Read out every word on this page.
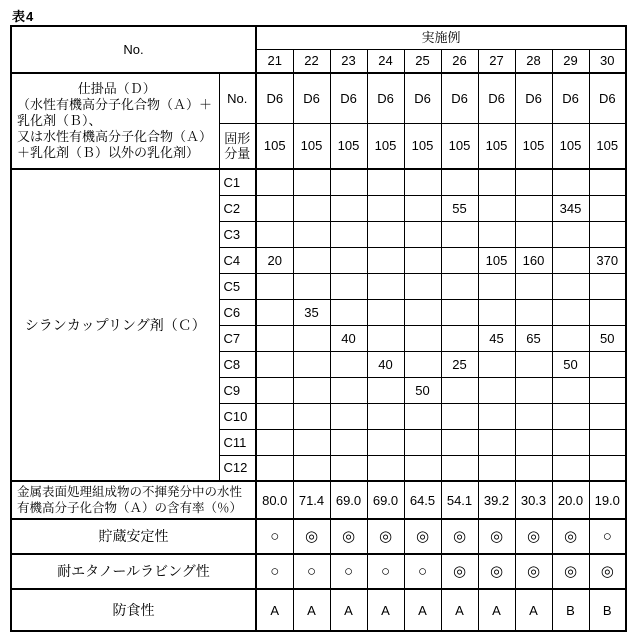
表4
No.		実施例									
		21	22	23	24	25	26	27	28	29	30

仕掛品（Ｄ）
（水性有機高分子化合物（Ａ）＋
乳化剤（Ｂ）、
又は水性有機高分子化合物（Ａ）
＋乳化剤（Ｂ）以外の乳化剤）	No.	D6	D6	D6	D6	D6	D6	D6	D6	D6	D6
	固形分量	105	105	105	105	105	105	105	105	105	105
シランカップリング剤（Ｃ）	C1										
	C2						55			345	
	C3										
	C4	20						105	160		370
	C5										
	C6		35								
	C7			40				45	65		50
	C8				40		25			50	
	C9					50					
	C10										
	C11										
	C12										
金属表面処理組成物の不揮発分中の水性有機高分子化合物（Ａ）の含有率（％）		80.0	71.4	69.0	69.0	64.5	54.1	39.2	30.3	20.0	19.0
貯蔵安定性		○	◎	◎	◎	◎	◎	◎	◎	◎	○
耐エタノールラビング性		○	○	○	○	○	◎	◎	◎	◎	◎
防食性		A	A	A	A	A	A	A	A	B	B
